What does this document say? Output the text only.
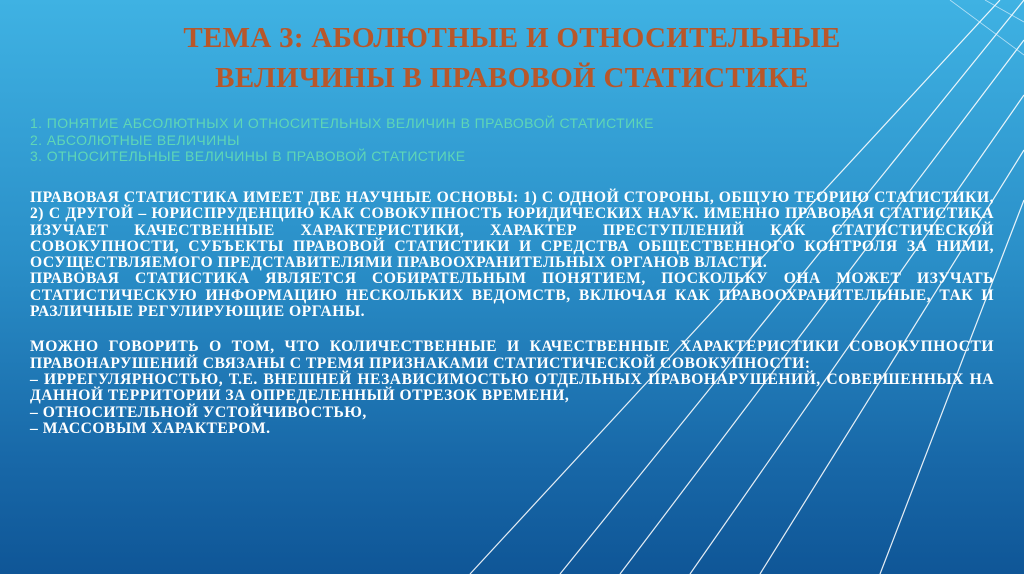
ТЕМА 3: АБОЛЮТНЫЕ И ОТНОСИТЕЛЬНЫЕ
ВЕЛИЧИНЫ В ПРАВОВОЙ СТАТИСТИКЕ
1. ПОНЯТИЕ АБСОЛЮТНЫХ И ОТНОСИТЕЛЬНЫХ ВЕЛИЧИН В ПРАВОВОЙ СТАТИСТИКЕ
2. АБСОЛЮТНЫЕ ВЕЛИЧИНЫ
3. ОТНОСИТЕЛЬНЫЕ ВЕЛИЧИНЫ В ПРАВОВОЙ СТАТИСТИКЕ

ПРАВОВАЯ СТАТИСТИКА ИМЕЕТ ДВЕ НАУЧНЫЕ ОСНОВЫ: 1) С ОДНОЙ СТОРОНЫ, ОБЩУЮ ТЕОРИЮ СТАТИСТИКИ, 2) С ДРУГОЙ – ЮРИСПРУДЕНЦИЮ КАК СОВОКУПНОСТЬ ЮРИДИЧЕСКИХ НАУК. ИМЕННО ПРАВОВАЯ СТАТИСТИКА ИЗУЧАЕТ КАЧЕСТВЕННЫЕ ХАРАКТЕРИСТИКИ, ХАРАКТЕР ПРЕСТУПЛЕНИЙ КАК СТАТИСТИЧЕСКОЙ СОВОКУПНОСТИ, СУБЪЕКТЫ ПРАВОВОЙ СТАТИСТИКИ И СРЕДСТВА ОБЩЕСТВЕННОГО КОНТРОЛЯ ЗА НИМИ, ОСУЩЕСТВЛЯЕМОГО ПРЕДСТАВИТЕЛЯМИ ПРАВООХРАНИТЕЛЬНЫХ ОРГАНОВ ВЛАСТИ.

ПРАВОВАЯ СТАТИСТИКА ЯВЛЯЕТСЯ СОБИРАТЕЛЬНЫМ ПОНЯТИЕМ, ПОСКОЛЬКУ ОНА МОЖЕТ ИЗУЧАТЬ СТАТИСТИЧЕСКУЮ ИНФОРМАЦИЮ НЕСКОЛЬКИХ ВЕДОМСТВ, ВКЛЮЧАЯ КАК ПРАВООХРАНИТЕЛЬНЫЕ, ТАК И РАЗЛИЧНЫЕ РЕГУЛИРУЮЩИЕ ОРГАНЫ.

МОЖНО ГОВОРИТЬ О ТОМ, ЧТО КОЛИЧЕСТВЕННЫЕ И КАЧЕСТВЕННЫЕ ХАРАКТЕРИСТИКИ СОВОКУПНОСТИ ПРАВОНАРУШЕНИЙ СВЯЗАНЫ С ТРЕМЯ ПРИЗНАКАМИ СТАТИСТИЧЕСКОЙ СОВОКУПНОСТИ:

– ИРРЕГУЛЯРНОСТЬЮ, Т.Е. ВНЕШНЕЙ НЕЗАВИСИМОСТЬЮ ОТДЕЛЬНЫХ ПРАВОНАРУШЕНИЙ, СОВЕРШЕННЫХ НА ДАННОЙ ТЕРРИТОРИИ ЗА ОПРЕДЕЛЕННЫЙ ОТРЕЗОК ВРЕМЕНИ,

– ОТНОСИТЕЛЬНОЙ УСТОЙЧИВОСТЬЮ,

– МАССОВЫМ ХАРАКТЕРОМ.
